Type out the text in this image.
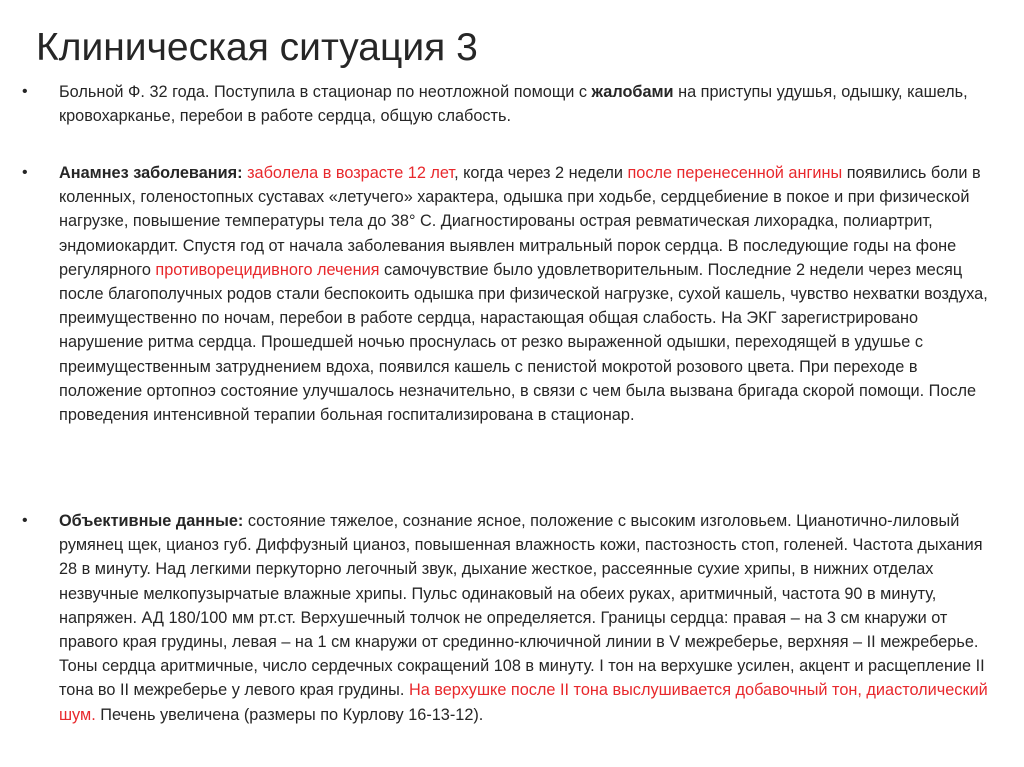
Клиническая ситуация 3
• Больной Ф. 32 года. Поступила в стационар по неотложной помощи с жалобами на приступы удушья, одышку, кашель, кровохарканье, перебои в работе сердца, общую слабость.
• Анамнез заболевания: заболела в возрасте 12 лет, когда через 2 недели после перенесенной ангины появились боли в коленных, голеностопных суставах «летучего» характера, одышка при ходьбе, сердцебиение в покое и при физической нагрузке, повышение температуры тела до 38° С. Диагностированы острая ревматическая лихорадка, полиартрит, эндомиокардит. Спустя год от начала заболевания выявлен митральный порок сердца. В последующие годы на фоне регулярного противорецидивного лечения самочувствие было удовлетворительным. Последние 2 недели через месяц после благополучных родов стали беспокоить одышка при физической нагрузке, сухой кашель, чувство нехватки воздуха, преимущественно по ночам, перебои в работе сердца, нарастающая общая слабость. На ЭКГ зарегистрировано нарушение ритма сердца. Прошедшей ночью проснулась от резко выраженной одышки, переходящей в удушье с преимущественным затруднением вдоха, появился кашель с пенистой мокротой розового цвета. При переходе в положение ортопноэ состояние улучшалось незначительно, в связи с чем была вызвана бригада скорой помощи. После проведения интенсивной терапии больная госпитализирована в стационар.
• Объективные данные: состояние тяжелое, сознание ясное, положение с высоким изголовьем. Цианотично-лиловый румянец щек, цианоз губ. Диффузный цианоз, повышенная влажность кожи, пастозность стоп, голеней. Частота дыхания 28 в минуту. Над легкими перкуторно легочный звук, дыхание жесткое, рассеянные сухие хрипы, в нижних отделах незвучные мелкопузырчатые влажные хрипы. Пульс одинаковый на обеих руках, аритмичный, частота 90 в минуту, напряжен. АД 180/100 мм рт.ст. Верхушечный толчок не определяется. Границы сердца: правая – на 3 см кнаружи от правого края грудины, левая – на 1 см кнаружи от срединно-ключичной линии в V межреберье, верхняя – II межреберье. Тоны сердца аритмичные, число сердечных сокращений 108 в минуту. I тон на верхушке усилен, акцент и расщепление II тона во II межреберье у левого края грудины. На верхушке после II тона выслушивается добавочный тон, диастолический шум. Печень увеличена (размеры по Курлову 16-13-12).
